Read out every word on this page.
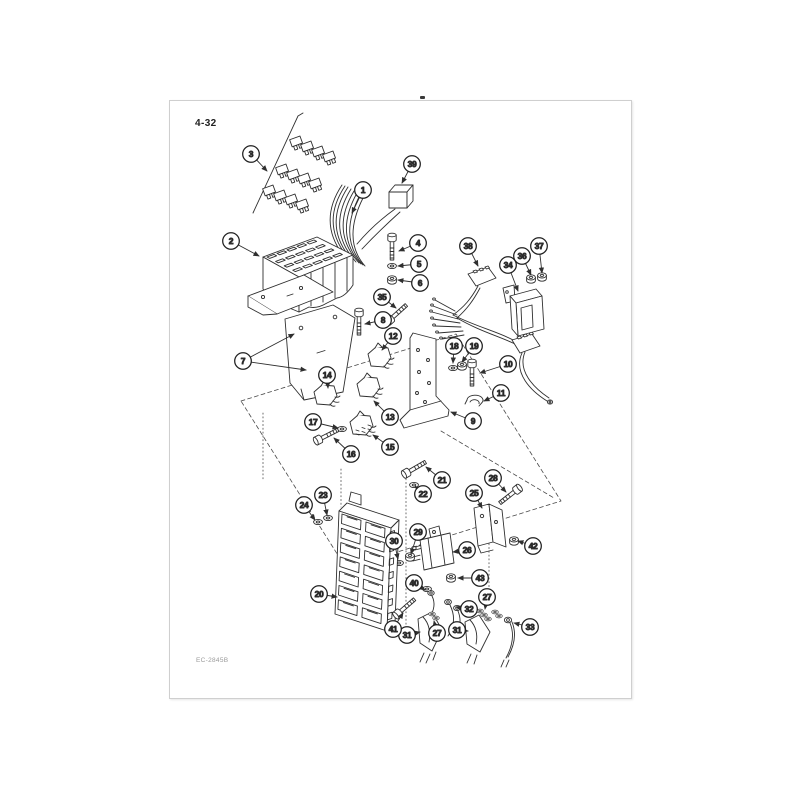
4-32
1
2
3
4
5
6
7
8
9
10
11
12
13
14
15
16
17
18 19
20
21
22
23
24
25
26
27
27
28
29
30
31	31
32
33
34
35
36
37
38
39
40
41
42
43
EC-2845B
